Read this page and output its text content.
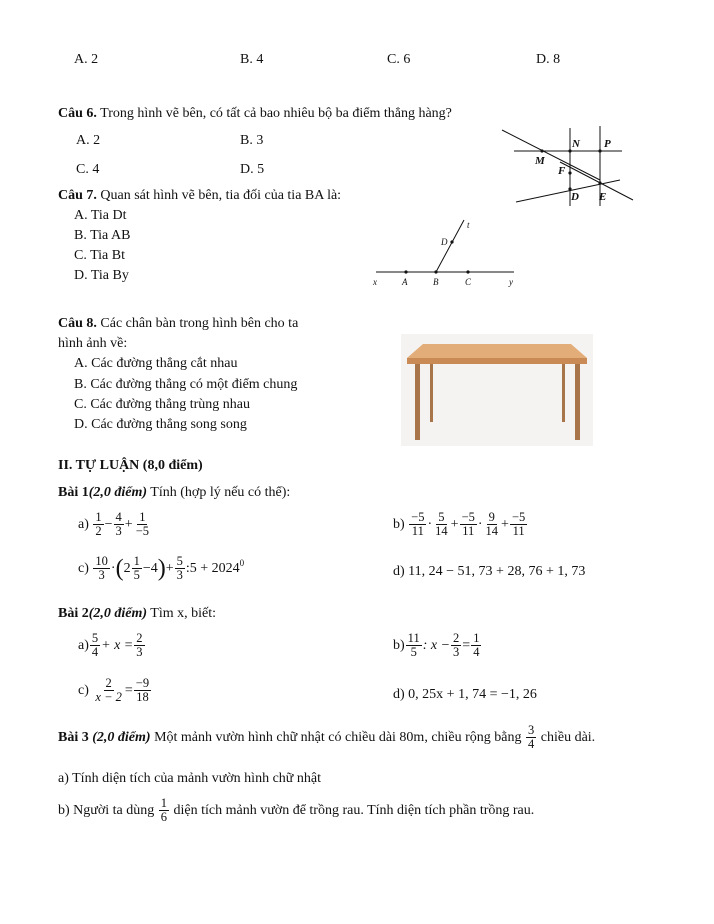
A. 2	B. 4	C. 6	D. 8
Câu 6. Trong hình vẽ bên, có tất cả bao nhiêu bộ ba điểm thẳng hàng?
A. 2	B. 3
C. 4	D. 5
N P
M
F
D E
Câu 7. Quan sát hình vẽ bên, tia đối của tia BA là:
A. Tia Dt
B. Tia AB
C. Tia Bt
D. Tia By
t
D
x	A	B	C	y
Câu 8. Các chân bàn trong hình bên cho ta
hình ảnh về:
A. Các đường thẳng cắt nhau
B. Các đường thẳng có một điểm chung
C. Các đường thẳng trùng nhau
D. Các đường thẳng song song
II. TỰ LUẬN (8,0 điểm)
Bài 1(2,0 điểm) Tính (hợp lý nếu có thể):
$a) \frac{1}{2} - \frac{4}{3} + \frac{1}{-5}$	$b) \frac{-5}{11} \cdot \frac{5}{14} + \frac{-5}{11} \cdot \frac{9}{14} + \frac{-5}{11}$
$c) \frac{10}{3}$ ·( $2 \frac{1}{5} -4)+ \frac{5}{3}$ :5 + $2024^0$
d) 11, 24 − 51, 73 + 28, 76 + 1, 73
Bài 2(2,0 điểm) Tìm x, biết:
$a) \frac{5}{4} + x = \frac{2}{3}$	$b) \frac{11}{5}$ : $x - \frac{2}{3} = \frac{1}{4}$
$c) \frac{2}{x - 2} = \frac{-9}{18}$	d) 0, 25x + 1, 74 = −1, 26
Bài 3 (2,0 điểm) Một mảnh vườn hình chữ nhật có chiều dài 80m, chiều rộng bằng $\frac{3}{4}$ chiều dài.
a) Tính diện tích của mảnh vườn hình chữ nhật
b) Người ta dùng $\frac{1}{6}$ diện tích mảnh vườn để trồng rau. Tính diện tích phần trồng rau.
